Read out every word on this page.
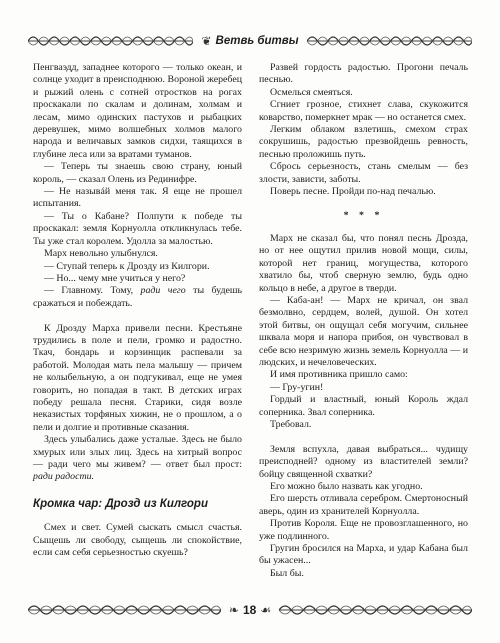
❦ Ветвь битвы

Пенгваэдд, западнее которого — только океан, и солнце уходит в преисподнюю. Вороной жеребец и рыжий олень с сотней отростков на рогах проскакали по скалам и долинам, холмам и лесам, мимо одинских пастухов и рыбацких деревушек, мимо волшебных холмов малого народа и величавых замков сидхи, таящихся в глубине леса или за вратами туманов.

— Теперь ты знаешь свою страну, юный король, — сказал Олень из Рединифре.

— Не назывáй меня так. Я еще не прошел испытания.

— Ты о Кабане? Полпути к победе ты проскакал: земля Корнуолла откликнулась тебе. Ты уже стал королем. Удолла за малостью.

Марх невольно улыбнулся.

— Ступай теперь к Дрозду из Килгори.

— Но... чему мне учиться у него?

— Главному. Тому, ради чего ты будешь сражаться и побеждать.

К Дрозду Марха привели песни. Крестьяне трудились в поле и пели, громко и радостно. Ткач, бондарь и корзинщик распевали за работой. Молодая мать пела малышу — причем не колыбельную, а он подгукивал, еще не умея говорить, но попадая в такт. В детских играх победу решала песня. Старики, сидя возле неказистых торфяных хижин, не о прошлом, а о пели и долгие и противные сказания.

Здесь улыбались даже усталые. Здесь не было хмурых или злых лиц. Здесь на хитрый вопрос — ради чего мы живем? — ответ был прост: ради радости.

Кромка чар: Дрозд из Килгори

Смех и свет. Сумей сыскать смысл счастья. Сыщешь ли свободу, сыщешь ли спокойствие, если сам себя серьезностью скуешь?

Развей гордость радостью. Прогони печаль песнью.

Осмелься смеяться.

Сгниет грозное, стихнет слава, скукожится коварство, померкнет мрак — но останется смех.

Легким облаком взлетишь, смехом страх сокрушишь, радостью презвойдешь ревность, песнью проложишь путь.

Сбрось серьезность, стань смелым — без злости, зависти, заботы.

Поверь песне. Пройди по-над печалью.

* * *

Марх не сказал бы, что понял песнь Дрозда, но от нее ощутил прилив новой мощи, силы, которой нет границ, могущества, которого хватило бы, чтоб сверную землю, будь одно кольцо в небе, а другое в тверди.

— Каба-ан! — Марх не кричал, он звал безмолвно, сердцем, волей, душой. Он хотел этой битвы, он ощущал себя могучим, сильнее шквала моря и напора прибоя, он чувствовал в себе всю незримую жизнь земель Корнуолла — и людских, и нечеловеческих.

И имя противника пришло само:

— Гру-угин!

Гордый и властный, юный Король ждал соперника. Звал соперника.

Требовал.

Земля вспухла, давая выбраться... чудищу преисподней? одному из властителей земли? бойцу священной схватки?

Его можно было назвать как угодно.

Его шерсть отливала серебром. Смертоносный аверь, один из хранителей Корнуолла.

Против Короля. Еще не провозглашенного, но уже подлинного.

Гругин бросился на Марха, и удар Кабана был бы ужасен...

Был бы.

❧ 18 ☙
